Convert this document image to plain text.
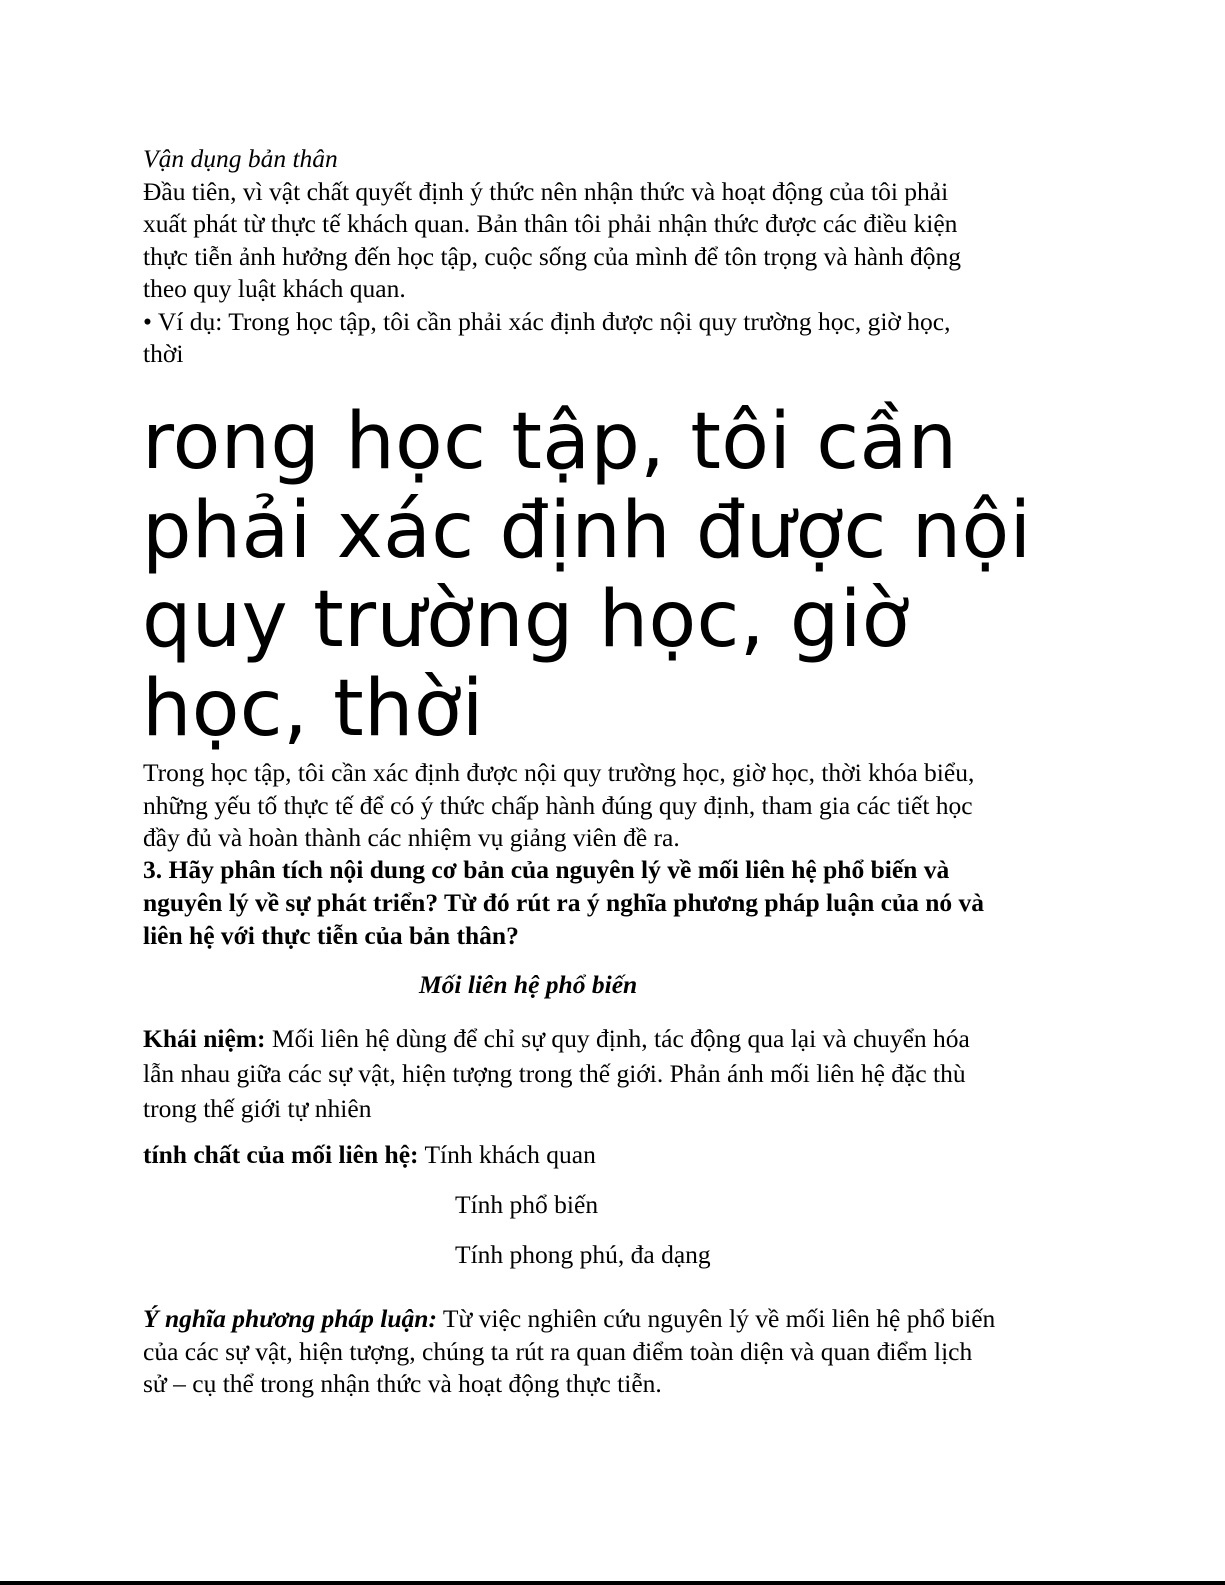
Vận dụng bản thân
Đầu tiên, vì vật chất quyết định ý thức nên nhận thức và hoạt động của tôi phải
xuất phát từ thực tế khách quan. Bản thân tôi phải nhận thức được các điều kiện
thực tiễn ảnh hưởng đến học tập, cuộc sống của mình để tôn trọng và hành động
theo quy luật khách quan.
• Ví dụ: Trong học tập, tôi cần phải xác định được nội quy trường học, giờ học,
thời
rong học tập, tôi cần
phải xác định được nội
quy trường học, giờ
học, thời
Trong học tập, tôi cần xác định được nội quy trường học, giờ học, thời khóa biểu,
những yếu tố thực tế để có ý thức chấp hành đúng quy định, tham gia các tiết học
đầy đủ và hoàn thành các nhiệm vụ giảng viên đề ra.
3. Hãy phân tích nội dung cơ bản của nguyên lý về mối liên hệ phổ biến và
nguyên lý về sự phát triển? Từ đó rút ra ý nghĩa phương pháp luận của nó và
liên hệ với thực tiễn của bản thân?
Mối liên hệ phổ biến
Khái niệm: Mối liên hệ dùng để chỉ sự quy định, tác động qua lại và chuyển hóa
lẫn nhau giữa các sự vật, hiện tượng trong thế giới. Phản ánh mối liên hệ đặc thù
trong thế giới tự nhiên
tính chất của mối liên hệ: Tính khách quan
Tính phổ biến
Tính phong phú, đa dạng
Ý nghĩa phương pháp luận: Từ việc nghiên cứu nguyên lý về mối liên hệ phổ biến
của các sự vật, hiện tượng, chúng ta rút ra quan điểm toàn diện và quan điểm lịch
sử – cụ thể trong nhận thức và hoạt động thực tiễn.
